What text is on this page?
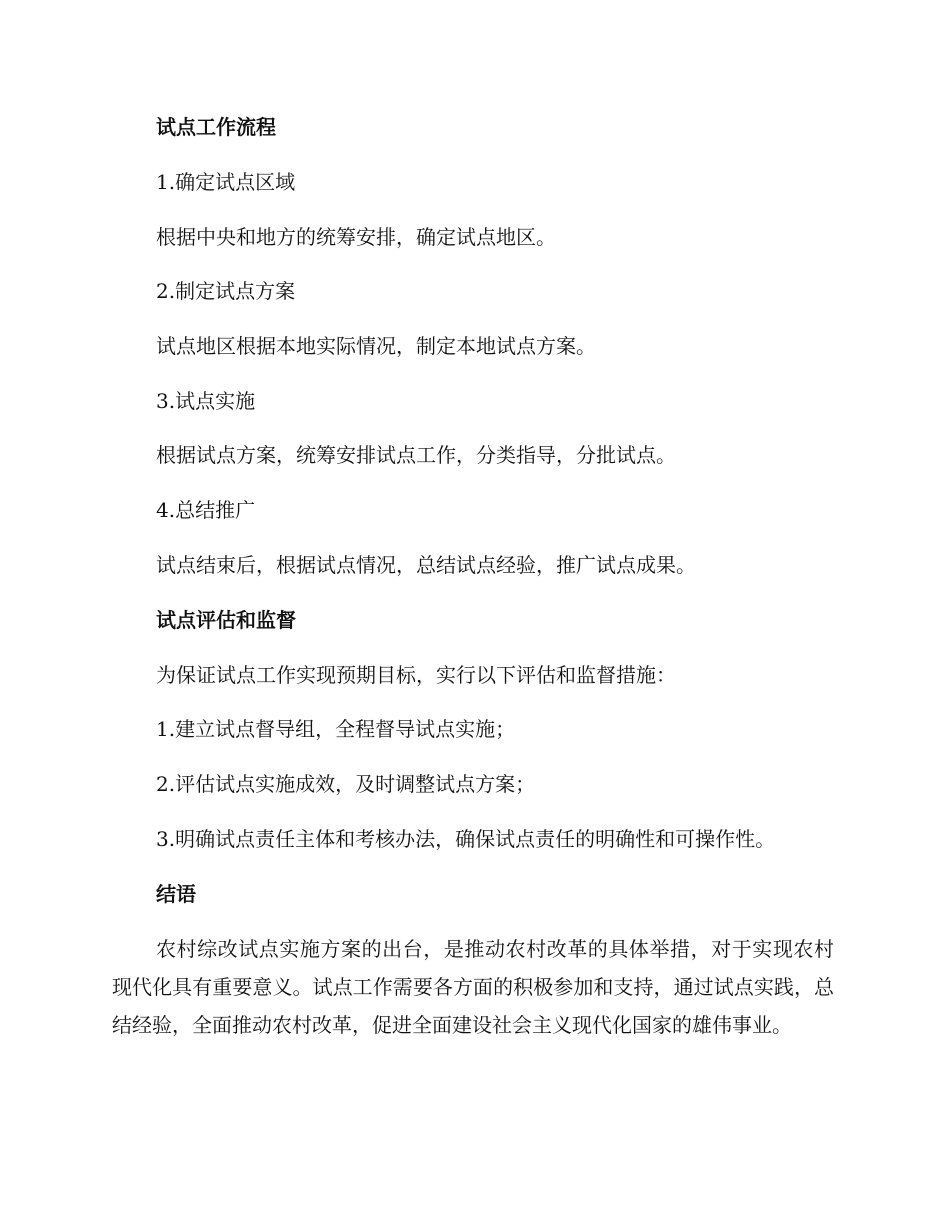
试点工作流程
1.确定试点区域
根据中央和地方的统筹安排，确定试点地区。
2.制定试点方案
试点地区根据本地实际情况，制定本地试点方案。
3.试点实施
根据试点方案，统筹安排试点工作，分类指导，分批试点。
4.总结推广
试点结束后，根据试点情况，总结试点经验，推广试点成果。
试点评估和监督
为保证试点工作实现预期目标，实行以下评估和监督措施：
1.建立试点督导组，全程督导试点实施；
2.评估试点实施成效，及时调整试点方案；
3.明确试点责任主体和考核办法，确保试点责任的明确性和可操作性。
结语
农村综改试点实施方案的出台，是推动农村改革的具体举措，对于实现农村现代化具有重要意义。试点工作需要各方面的积极参加和支持，通过试点实践，总结经验，全面推动农村改革，促进全面建设社会主义现代化国家的雄伟事业。
